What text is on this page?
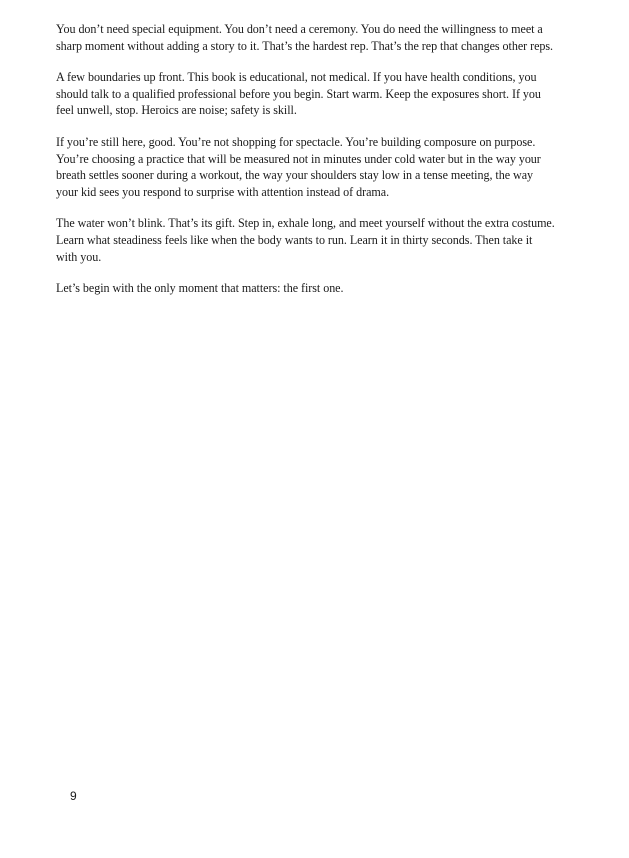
You don’t need special equipment. You don’t need a ceremony. You do need the willingness to meet a sharp moment without adding a story to it. That’s the hardest rep. That’s the rep that changes other reps.

A few boundaries up front. This book is educational, not medical. If you have health conditions, you should talk to a qualified professional before you begin. Start warm. Keep the exposures short. If you feel unwell, stop. Heroics are noise; safety is skill.

If you’re still here, good. You’re not shopping for spectacle. You’re building composure on purpose. You’re choosing a practice that will be measured not in minutes under cold water but in the way your breath settles sooner during a workout, the way your shoulders stay low in a tense meeting, the way your kid sees you respond to surprise with attention instead of drama.

The water won’t blink. That’s its gift. Step in, exhale long, and meet yourself without the extra costume. Learn what steadiness feels like when the body wants to run. Learn it in thirty seconds. Then take it with you.

Let’s begin with the only moment that matters: the first one.

9
